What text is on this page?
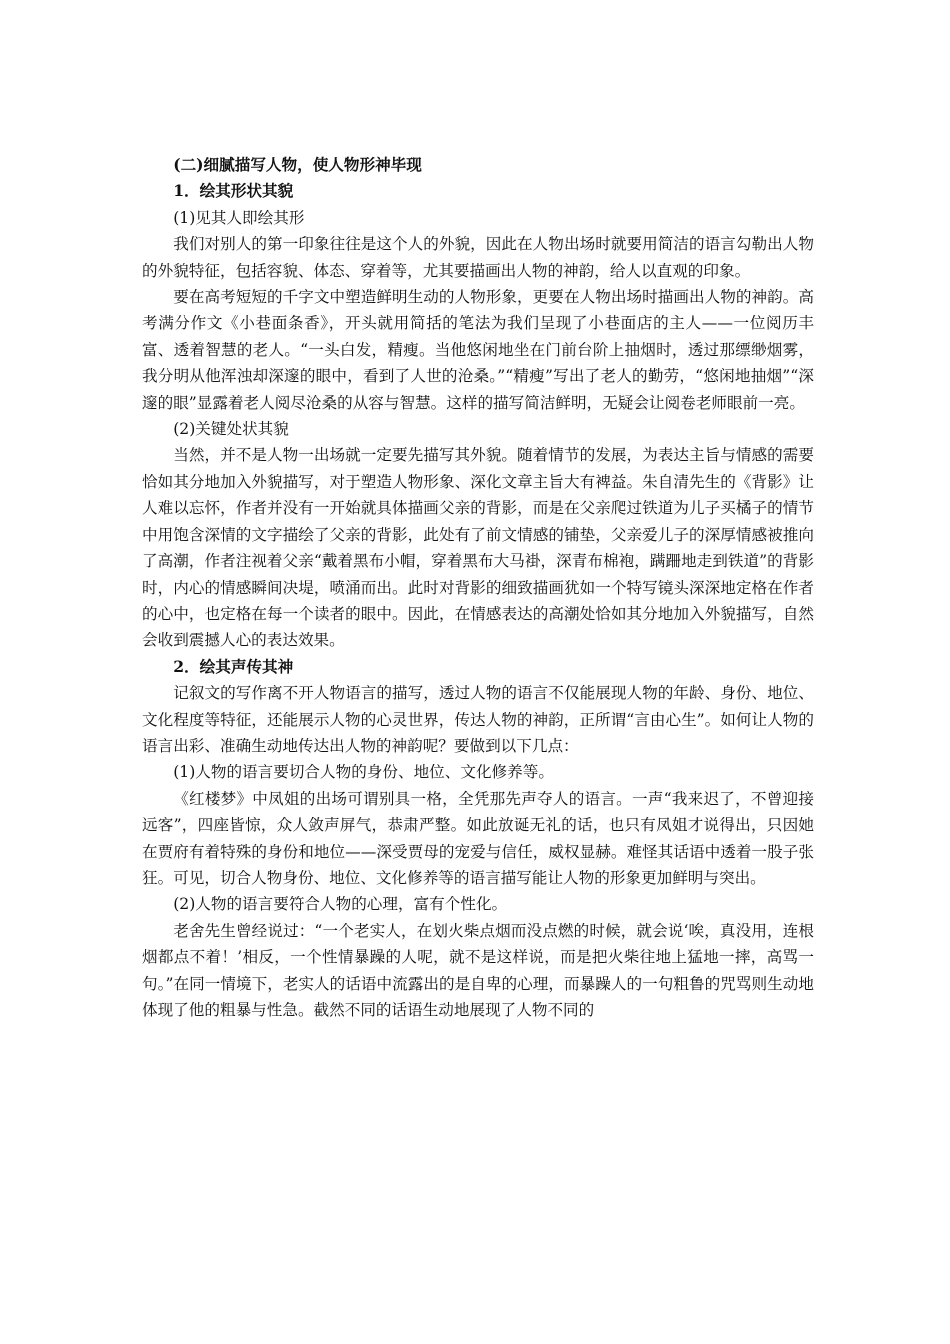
(二)细腻描写人物，使人物形神毕现

1．绘其形状其貌

(1)见其人即绘其形

我们对别人的第一印象往往是这个人的外貌，因此在人物出场时就要用简洁的语言勾勒出人物的外貌特征，包括容貌、体态、穿着等，尤其要描画出人物的神韵，给人以直观的印象。

要在高考短短的千字文中塑造鲜明生动的人物形象，更要在人物出场时描画出人物的神韵。高考满分作文《小巷面条香》，开头就用简括的笔法为我们呈现了小巷面店的主人——一位阅历丰富、透着智慧的老人。“一头白发，精瘦。当他悠闲地坐在门前台阶上抽烟时，透过那缥缈烟雾，我分明从他浑浊却深邃的眼中，看到了人世的沧桑。”“精瘦”写出了老人的勤劳，“悠闲地抽烟”“深邃的眼”显露着老人阅尽沧桑的从容与智慧。这样的描写简洁鲜明，无疑会让阅卷老师眼前一亮。

(2)关键处状其貌

当然，并不是人物一出场就一定要先描写其外貌。随着情节的发展，为表达主旨与情感的需要恰如其分地加入外貌描写，对于塑造人物形象、深化文章主旨大有裨益。朱自清先生的《背影》让人难以忘怀，作者并没有一开始就具体描画父亲的背影，而是在父亲爬过铁道为儿子买橘子的情节中用饱含深情的文字描绘了父亲的背影，此处有了前文情感的铺垫，父亲爱儿子的深厚情感被推向了高潮，作者注视着父亲“戴着黑布小帽，穿着黑布大马褂，深青布棉袍，蹒跚地走到铁道”的背影时，内心的情感瞬间决堤，喷涌而出。此时对背影的细致描画犹如一个特写镜头深深地定格在作者的心中，也定格在每一个读者的眼中。因此，在情感表达的高潮处恰如其分地加入外貌描写，自然会收到震撼人心的表达效果。

2．绘其声传其神

记叙文的写作离不开人物语言的描写，透过人物的语言不仅能展现人物的年龄、身份、地位、文化程度等特征，还能展示人物的心灵世界，传达人物的神韵，正所谓“言由心生”。如何让人物的语言出彩、准确生动地传达出人物的神韵呢？要做到以下几点：

(1)人物的语言要切合人物的身份、地位、文化修养等。

《红楼梦》中凤姐的出场可谓别具一格，全凭那先声夺人的语言。一声“我来迟了，不曾迎接远客”，四座皆惊，众人敛声屏气，恭肃严整。如此放诞无礼的话，也只有凤姐才说得出，只因她在贾府有着特殊的身份和地位——深受贾母的宠爱与信任，威权显赫。难怪其话语中透着一股子张狂。可见，切合人物身份、地位、文化修养等的语言描写能让人物的形象更加鲜明与突出。

(2)人物的语言要符合人物的心理，富有个性化。

老舍先生曾经说过：“一个老实人，在划火柴点烟而没点燃的时候，就会说‘唉，真没用，连根烟都点不着！’相反，一个性情暴躁的人呢，就不是这样说，而是把火柴往地上猛地一摔，高骂一句。”在同一情境下，老实人的话语中流露出的是自卑的心理，而暴躁人的一句粗鲁的咒骂则生动地体现了他的粗暴与性急。截然不同的话语生动地展现了人物不同的
